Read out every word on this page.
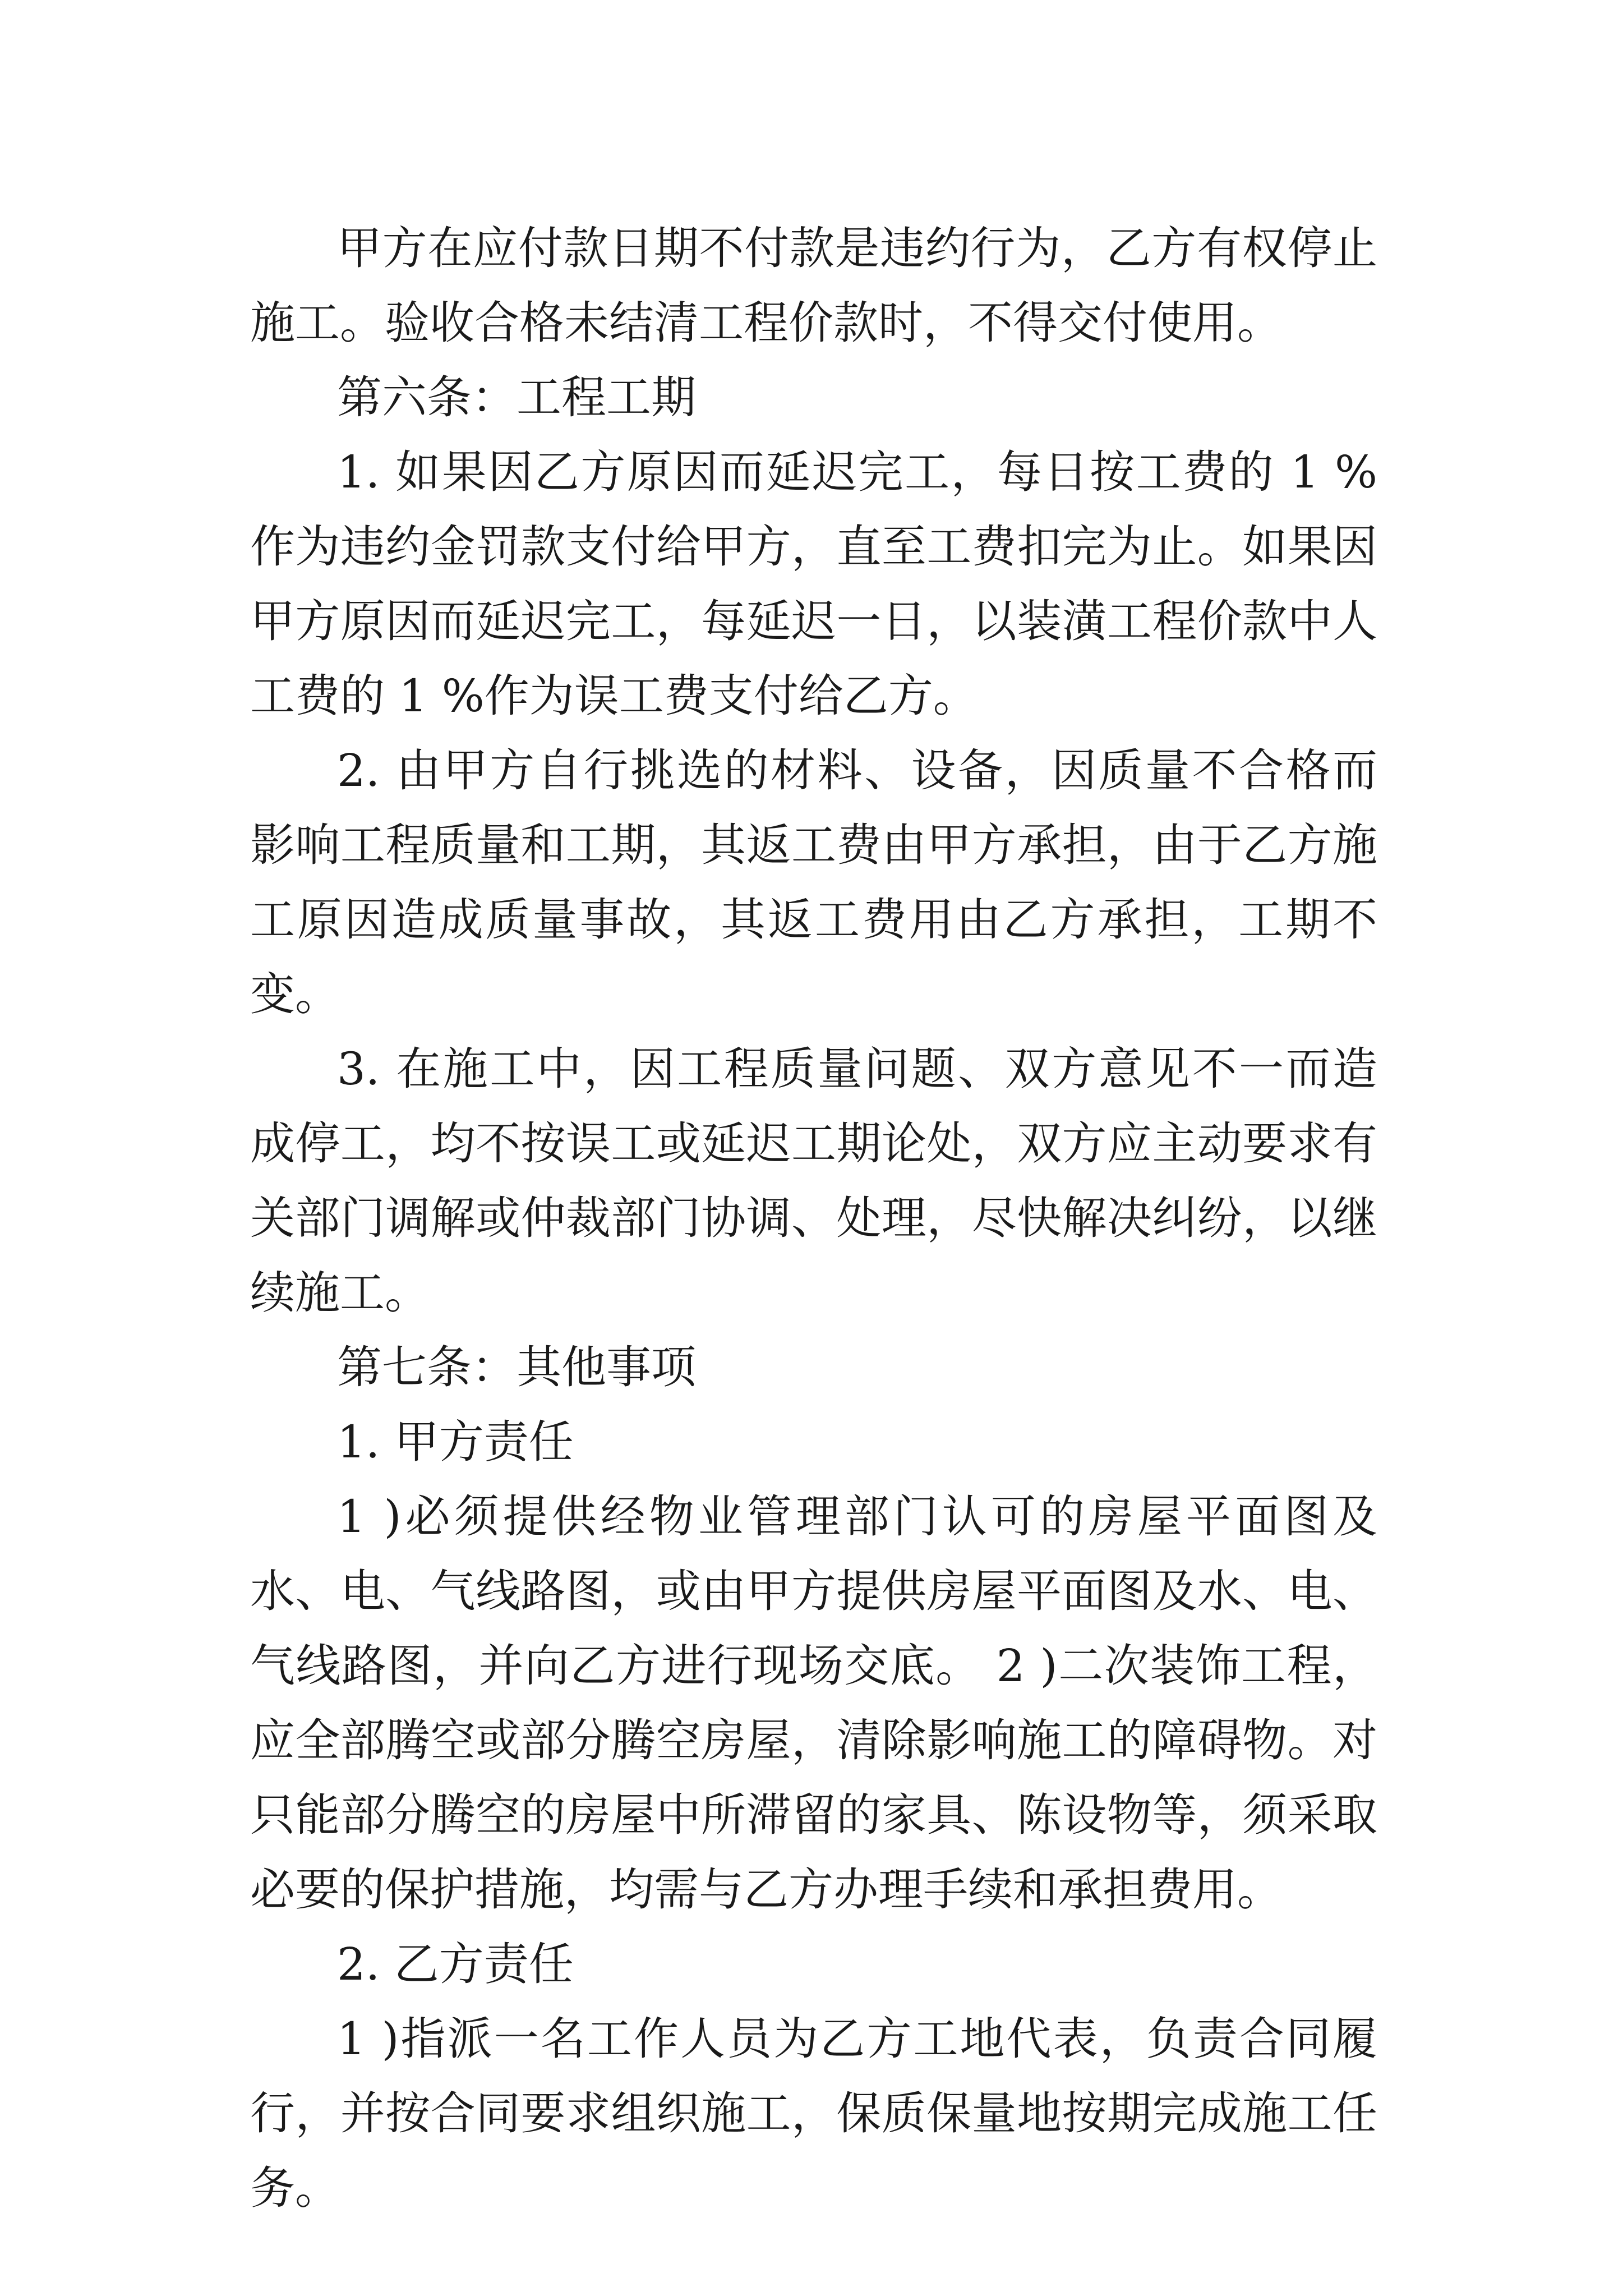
甲方在应付款日期不付款是违约行为，乙方有权停止施工。验收合格未结清工程价款时，不得交付使用。

第六条：工程工期

1. 如果因乙方原因而延迟完工，每日按工费的 1 %作为违约金罚款支付给甲方，直至工费扣完为止。如果因甲方原因而延迟完工，每延迟一日，以装潢工程价款中人工费的 1 %作为误工费支付给乙方。

2. 由甲方自行挑选的材料、设备，因质量不合格而影响工程质量和工期，其返工费由甲方承担，由于乙方施工原因造成质量事故，其返工费用由乙方承担，工期不变。

3. 在施工中，因工程质量问题、双方意见不一而造成停工，均不按误工或延迟工期论处，双方应主动要求有关部门调解或仲裁部门协调、处理，尽快解决纠纷，以继续施工。

第七条：其他事项

1. 甲方责任

1 )必须提供经物业管理部门认可的房屋平面图及水、电、气线路图，或由甲方提供房屋平面图及水、电、气线路图，并向乙方进行现场交底。 2 )二次装饰工程，应全部腾空或部分腾空房屋，清除影响施工的障碍物。对只能部分腾空的房屋中所滞留的家具、陈设物等，须采取必要的保护措施，均需与乙方办理手续和承担费用。

2. 乙方责任

1 )指派一名工作人员为乙方工地代表，负责合同履行，并按合同要求组织施工，保质保量地按期完成施工任务。
